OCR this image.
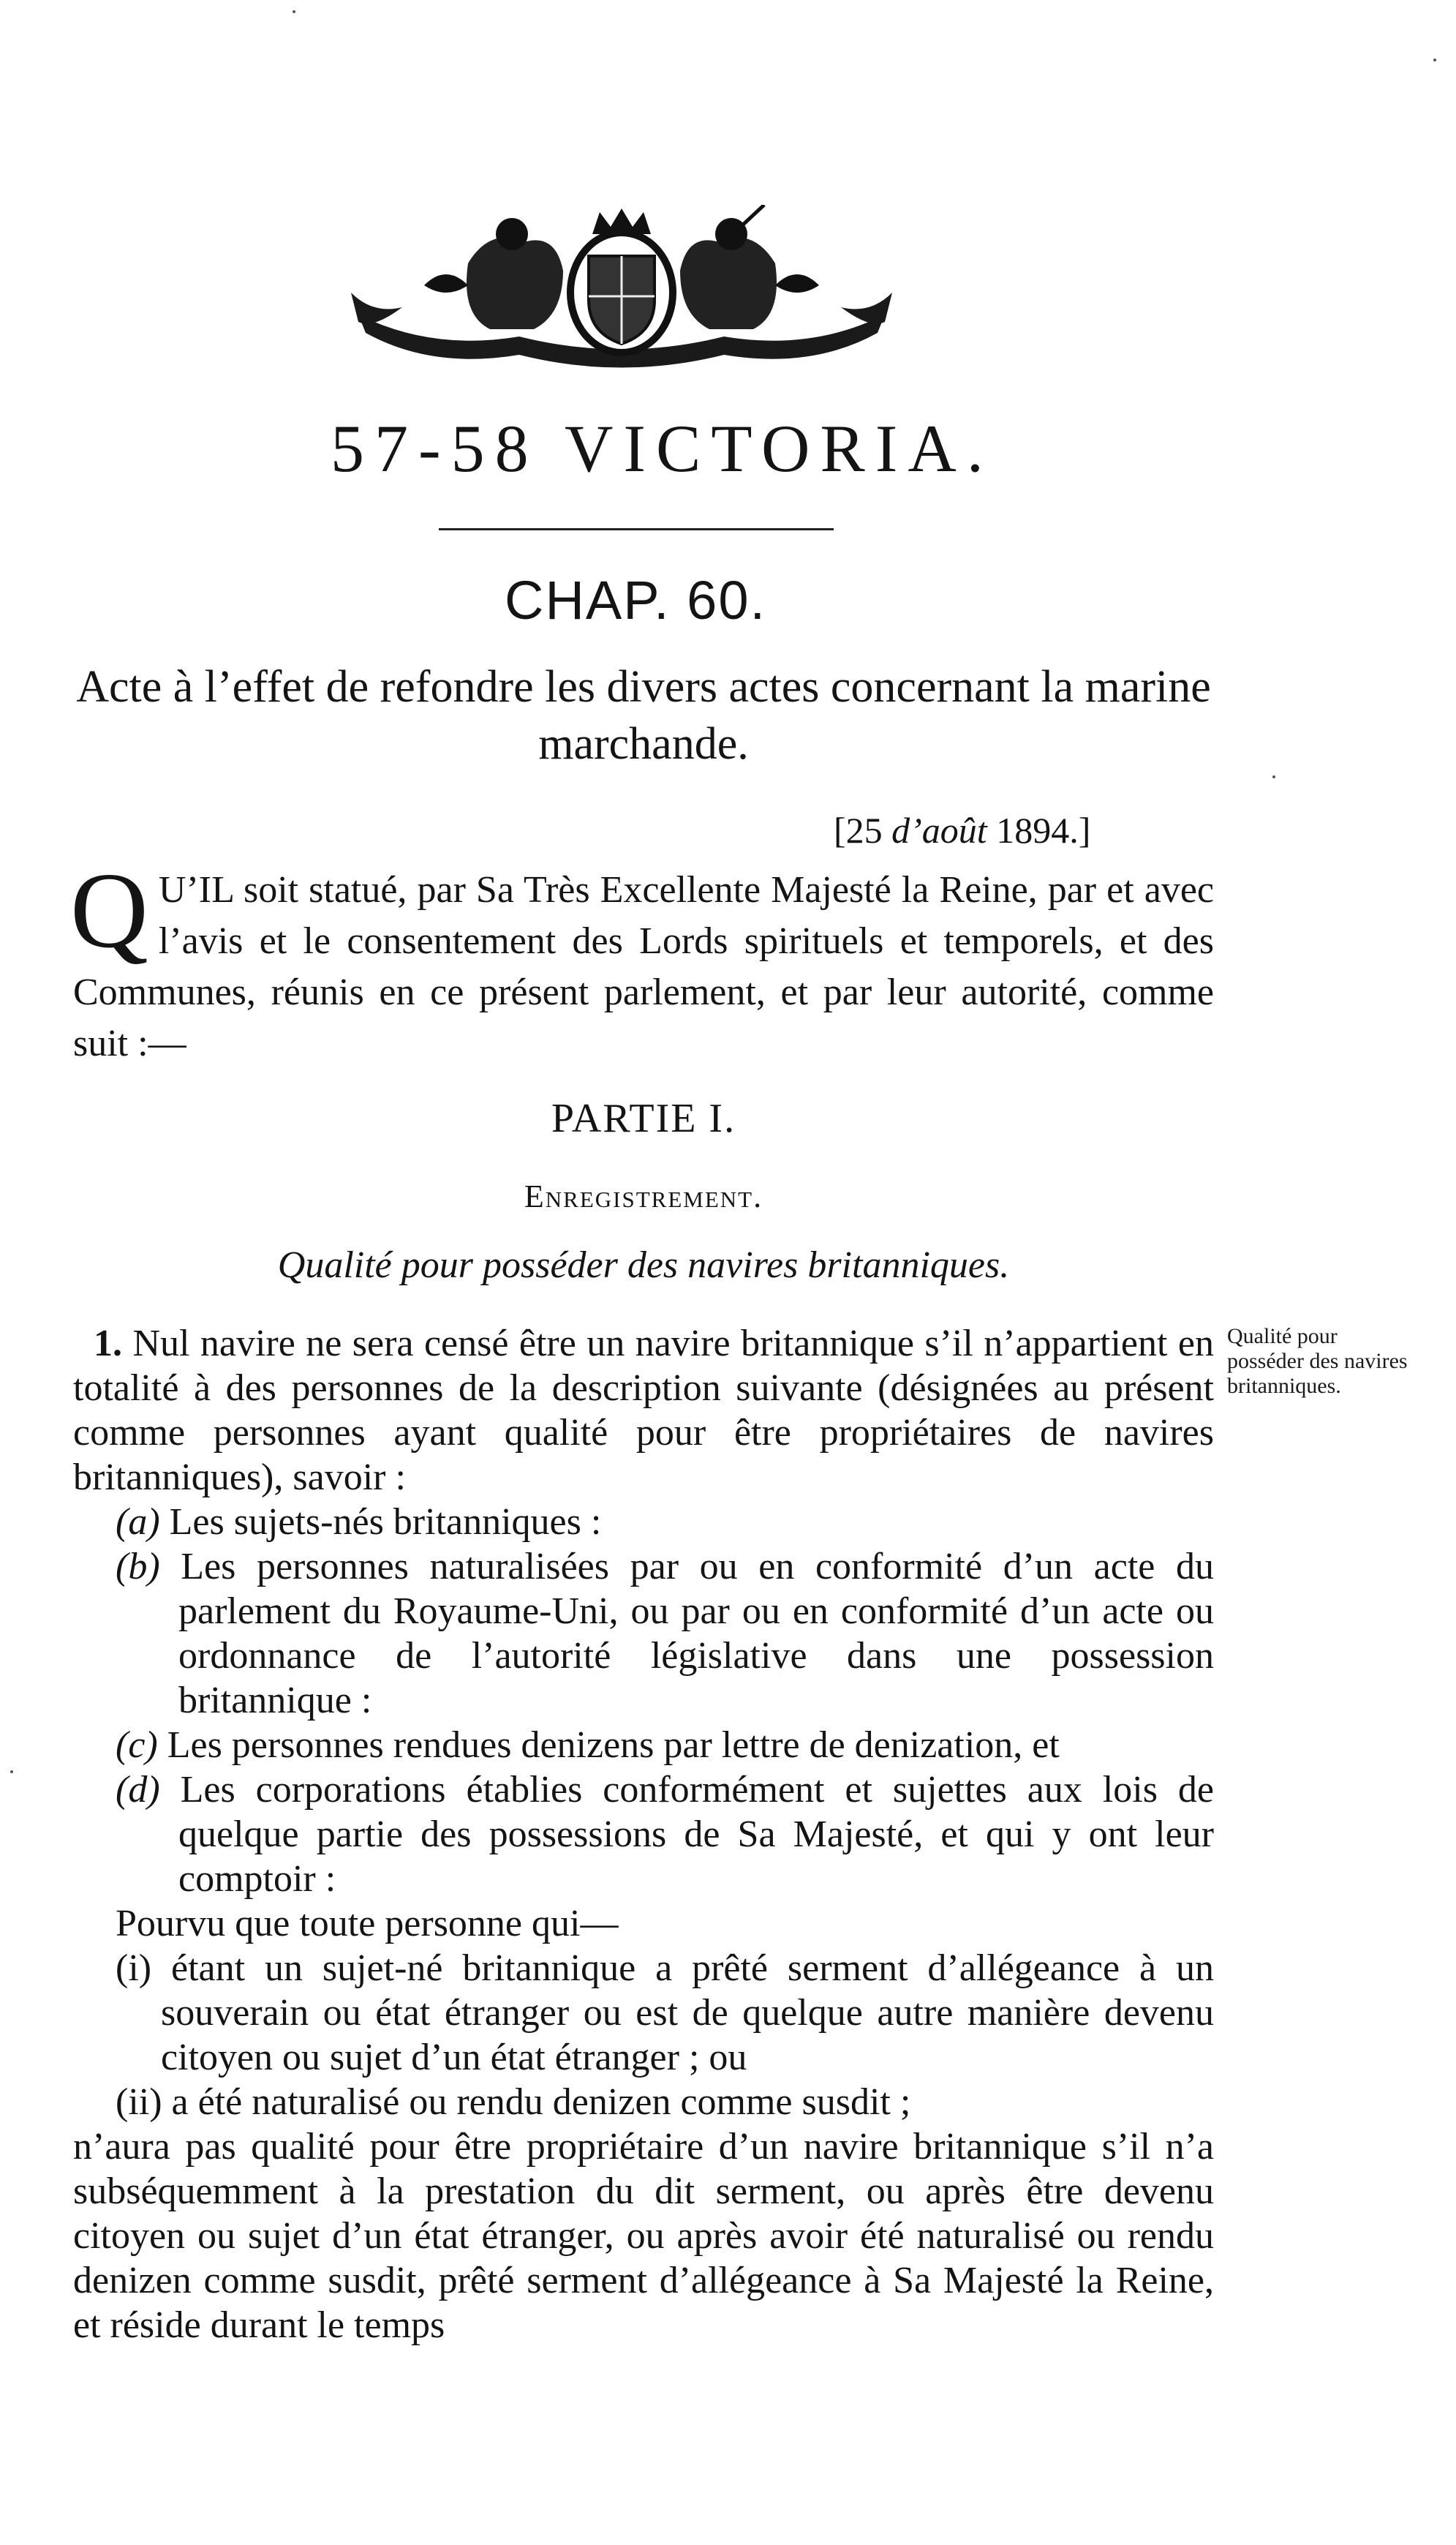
57-58 VICTORIA.
CHAP. 60.
Acte à l’effet de refondre les divers actes concernant la marine marchande.
[25 d’août 1894.]
Q U’IL soit statué, par Sa Très Excellente Majesté la Reine, par et avec l’avis et le consentement des Lords spirituels et temporels, et des Communes, réunis en ce présent parlement, et par leur autorité, comme suit :—
PARTIE I.
Enregistrement.
Qualité pour posséder des navires britanniques.

1. Nul navire ne sera censé être un navire britannique s’il n’appartient en totalité à des personnes de la description suivante (désignées au présent comme personnes ayant qualité pour être propriétaires de navires britanniques), savoir :

(a) Les sujets-nés britanniques :

(b) Les personnes naturalisées par ou en conformité d’un acte du parlement du Royaume-Uni, ou par ou en conformité d’un acte ou ordonnance de l’autorité législative dans une possession britannique :

(c) Les personnes rendues denizens par lettre de denization, et

(d) Les corporations établies conformément et sujettes aux lois de quelque partie des possessions de Sa Majesté, et qui y ont leur comptoir :

Pourvu que toute personne qui—

(i) étant un sujet-né britannique a prêté serment d’allégeance à un souverain ou état étranger ou est de quelque autre manière devenu citoyen ou sujet d’un état étranger ; ou

(ii) a été naturalisé ou rendu denizen comme susdit ;

n’aura pas qualité pour être propriétaire d’un navire britannique s’il n’a subséquemment à la prestation du dit serment, ou après être devenu citoyen ou sujet d’un état étranger, ou après avoir été naturalisé ou rendu denizen comme susdit, prêté serment d’allégeance à Sa Majesté la Reine, et réside durant le temps

Qualité pour posséder des navires britanniques.
